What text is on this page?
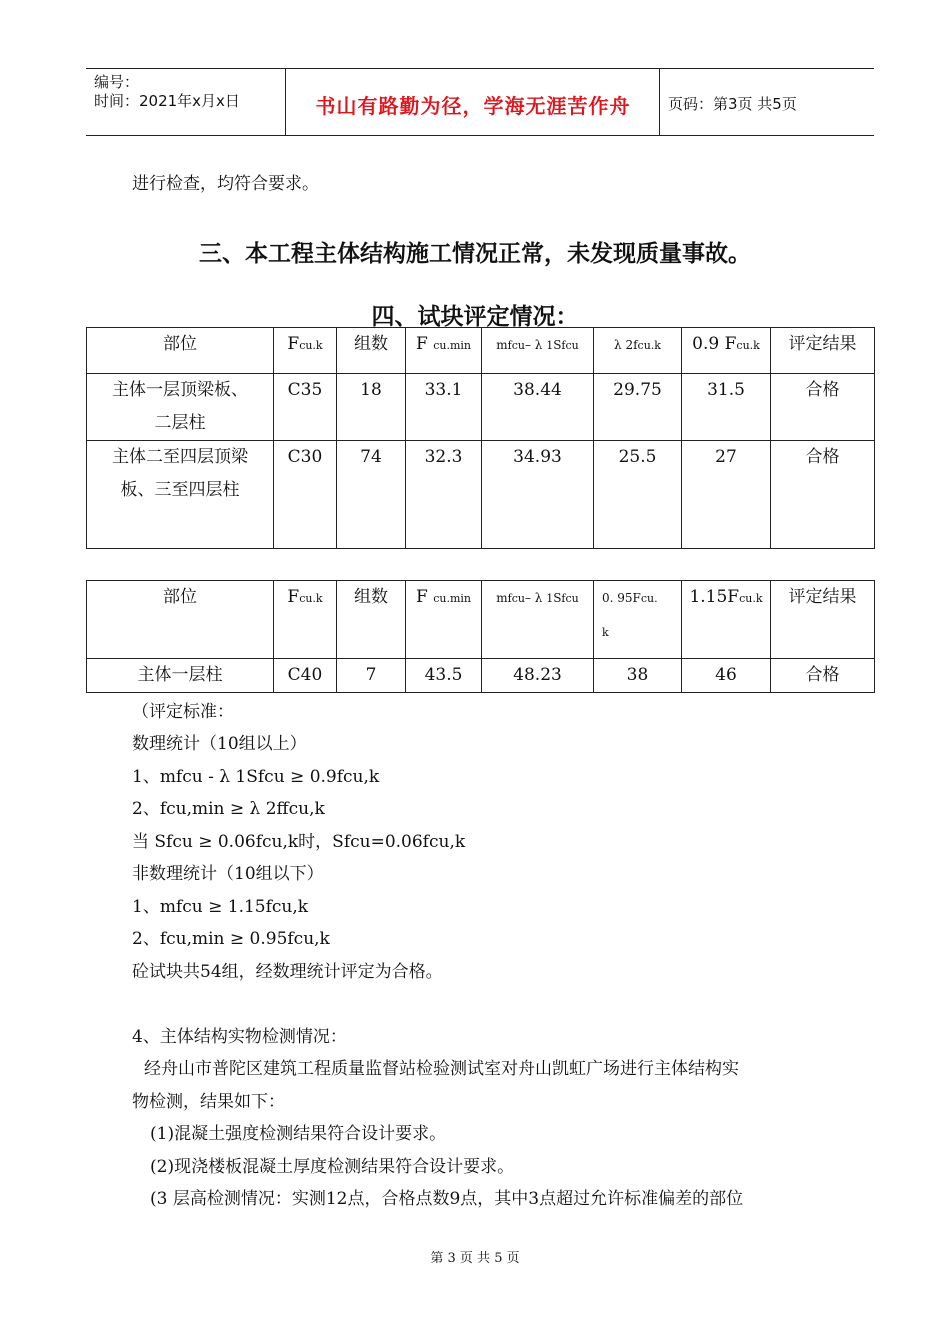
编号：
时间：2021年x月x日	书山有路勤为径，学海无涯苦作舟	页码：第3页 共5页
进行检查，均符合要求。
三、本工程主体结构施工情况正常，未发现质量事故。
四、试块评定情况：
部位	Fcu.k	组数	F cu.min	mfcu– λ 1Sfcu	λ 2fcu.k	0.9 Fcu.k	评定结果

主体一层顶梁板、
二层柱	C35	18	33.1	38.44	29.75	31.5	合格

主体二至四层顶梁
板、三至四层柱	C30	74	32.3	34.93	25.5	27	合格
部位	Fcu.k	组数	F cu.min	mfcu– λ 1Sfcu	0. 95Fcu.
k	1.15Fcu.k	评定结果
主体一层柱	C40	7	43.5	48.23	38	46	合格
（评定标准：
数理统计（10组以上）
1、mfcu - λ 1Sfcu ≥ 0.9fcu,k
2、fcu,min ≥ λ 2ffcu,k
当 Sfcu ≥ 0.06fcu,k时，Sfcu=0.06fcu,k
非数理统计（10组以下）
1、mfcu ≥ 1.15fcu,k
2、fcu,min ≥ 0.95fcu,k
砼试块共54组，经数理统计评定为合格。
4、主体结构实物检测情况：
经舟山市普陀区建筑工程质量监督站检验测试室对舟山凯虹广场进行主体结构实
物检测，结果如下：
(1)混凝土强度检测结果符合设计要求。
(2)现浇楼板混凝土厚度检测结果符合设计要求。
(3 层高检测情况：实测12点，合格点数9点，其中3点超过允许标准偏差的部位
第 3 页 共 5 页
